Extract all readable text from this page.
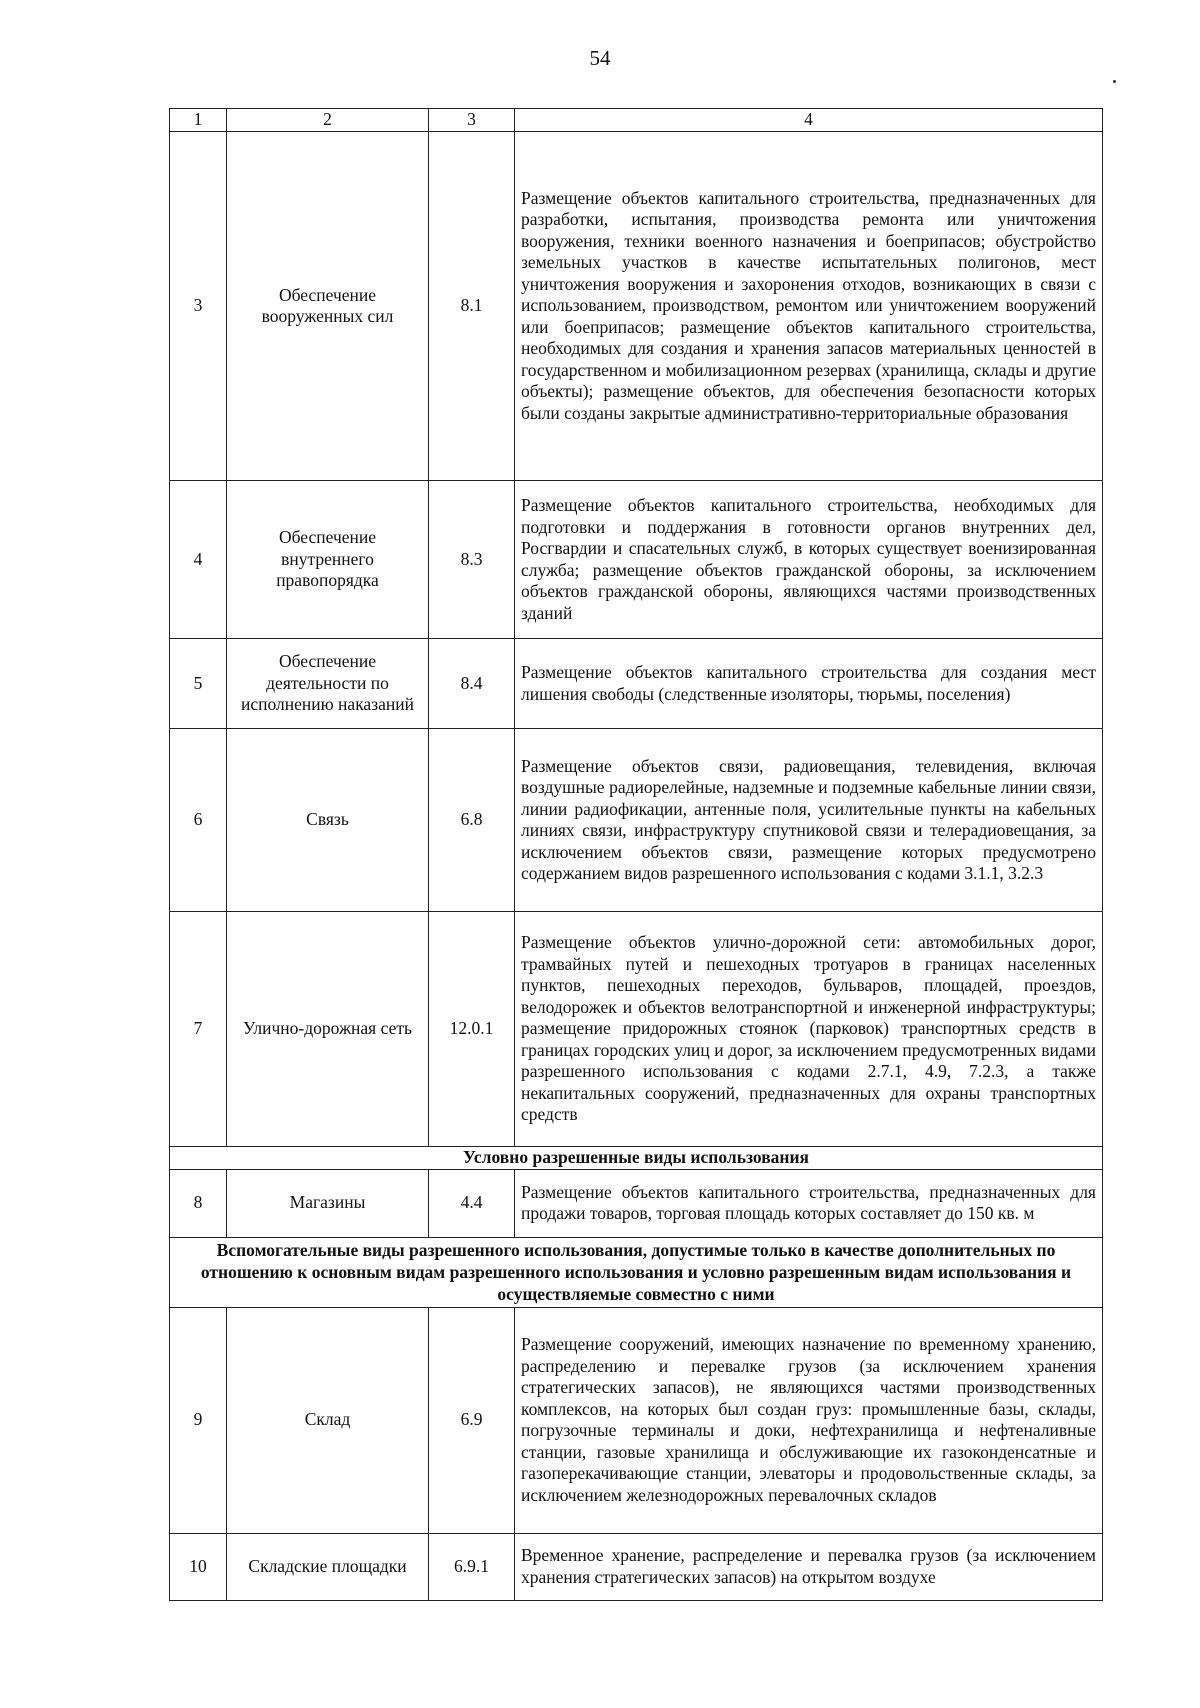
54
1	2	3	4
3	Обеспечение вооруженных сил	8.1	Размещение объектов капитального строительства, предназначенных для разработки, испытания, производства ремонта или уничтожения вооружения, техники военного назначения и боеприпасов; обустройство земельных участков в качестве испытательных полигонов, мест уничтожения вооружения и захоронения отходов, возникающих в связи с использованием, производством, ремонтом или уничтожением вооружений или боеприпасов; размещение объектов капитального строительства, необходимых для создания и хранения запасов материальных ценностей в государственном и мобилизационном резервах (хранилища, склады и другие объекты); размещение объектов, для обеспечения безопасности которых были созданы закрытые административно-территориальные образования
4	Обеспечение внутреннего правопорядка	8.3	Размещение объектов капитального строительства, необходимых для подготовки и поддержания в готовности органов внутренних дел, Росгвардии и спасательных служб, в которых существует военизированная служба; размещение объектов гражданской обороны, за исключением объектов гражданской обороны, являющихся частями производственных зданий
5	Обеспечение деятельности по исполнению наказаний	8.4	Размещение объектов капитального строительства для создания мест лишения свободы (следственные изоляторы, тюрьмы, поселения)
6	Связь	6.8	Размещение объектов связи, радиовещания, телевидения, включая воздушные радиорелейные, надземные и подземные кабельные линии связи, линии радиофикации, антенные поля, усилительные пункты на кабельных линиях связи, инфраструктуру спутниковой связи и телерадиовещания, за исключением объектов связи, размещение которых предусмотрено содержанием видов разрешенного использования с кодами 3.1.1, 3.2.3
7	Улично-дорожная сеть	12.0.1	Размещение объектов улично-дорожной сети: автомобильных дорог, трамвайных путей и пешеходных тротуаров в границах населенных пунктов, пешеходных переходов, бульваров, площадей, проездов, велодорожек и объектов велотранспортной и инженерной инфраструктуры; размещение придорожных стоянок (парковок) транспортных средств в границах городских улиц и дорог, за исключением предусмотренных видами разрешенного использования с кодами 2.7.1, 4.9, 7.2.3, а также некапитальных сооружений, предназначенных для охраны транспортных средств
Условно разрешенные виды использования			
8	Магазины	4.4	Размещение объектов капитального строительства, предназначенных для продажи товаров, торговая площадь которых составляет до 150 кв. м
Вспомогательные виды разрешенного использования, допустимые только в качестве дополнительных по отношению к основным видам разрешенного использования и условно разрешенным видам использования и осуществляемые совместно с ними			
9	Склад	6.9	Размещение сооружений, имеющих назначение по временному хранению, распределению и перевалке грузов (за исключением хранения стратегических запасов), не являющихся частями производственных комплексов, на которых был создан груз: промышленные базы, склады, погрузочные терминалы и доки, нефтехранилища и нефтеналивные станции, газовые хранилища и обслуживающие их газоконденсатные и газоперекачивающие станции, элеваторы и продовольственные склады, за исключением железнодорожных перевалочных складов
10	Складские площадки	6.9.1	Временное хранение, распределение и перевалка грузов (за исключением хранения стратегических запасов) на открытом воздухе
